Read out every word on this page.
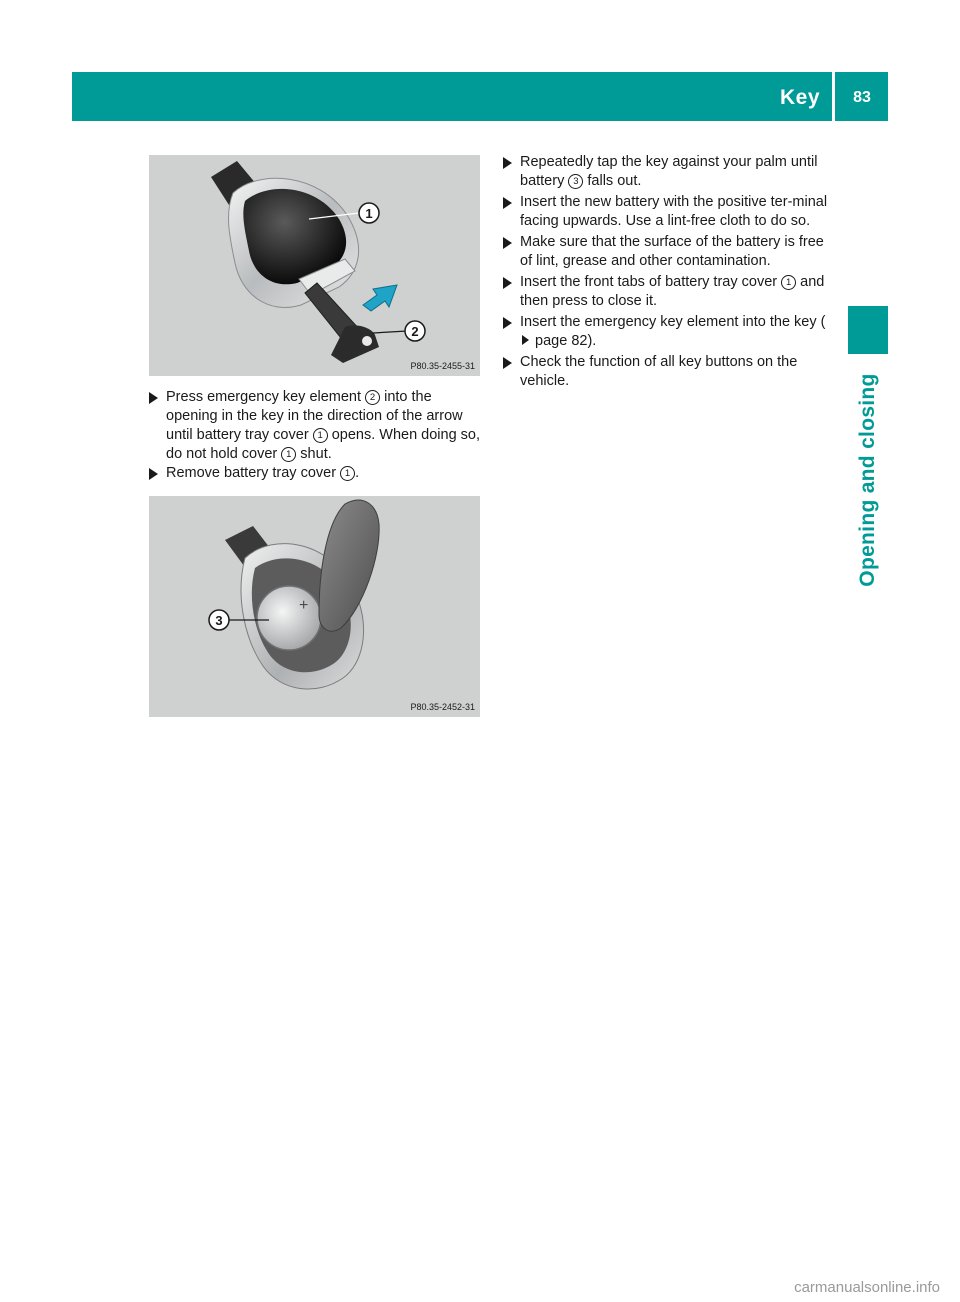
Key	83
Opening and closing
1
2
P80.35-2455-31
Press emergency key element 2 into the opening in the key in the direction of the arrow until battery tray cover 1 opens. When doing so, do not hold cover 1 shut.
Remove battery tray cover 1 .
+
3
P80.35-2452-31
Repeatedly tap the key against your palm until battery 3 falls out.
Insert the new battery with the positive ter-minal facing upwards. Use a lint-free cloth to do so.
Make sure that the surface of the battery is free of lint, grease and other contamination.
Insert the front tabs of battery tray cover 1 and then press to close it.
Insert the emergency key element into the key ( page 82).
Check the function of all key buttons on the vehicle.
carmanualsonline.info
